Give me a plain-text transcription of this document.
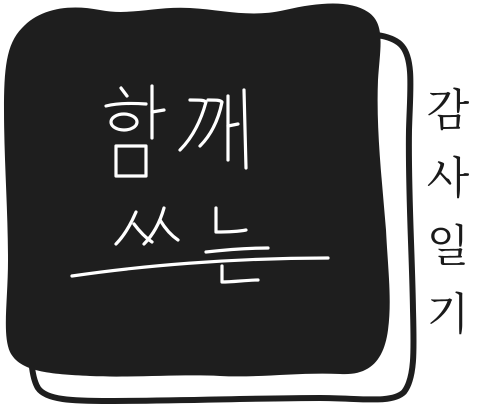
감
사
일
기
